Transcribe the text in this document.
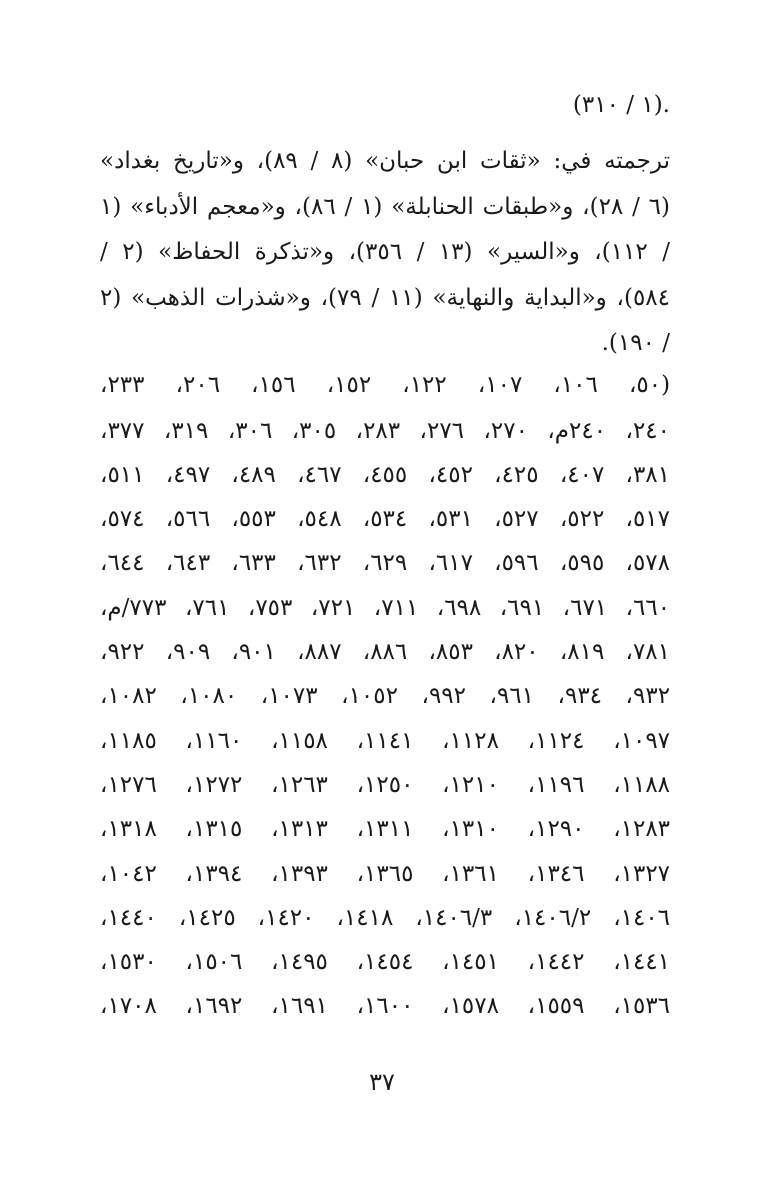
.(١ / ٣١٠)
ترجمته في: «ثقات ابن حبان» (٨ / ٨٩)، و«تاريخ بغداد»
(٦ / ٢٨)، و«طبقات الحنابلة» (١ / ٨٦)، و«معجم الأدباء» (١
/ ١١٢)، و«السير» (١٣ / ٣٥٦)، و«تذكرة الحفاظ» (٢ /
٥٨٤)، و«البداية والنهاية» (١١ / ٧٩)، و«شذرات الذهب» (٢
/ ١٩٠).
(٥٠، ١٠٦، ١٠٧، ١٢٢، ١٥٢، ١٥٦، ٢٠٦، ٢٣٣،
٢٤٠، ٢٤٠م، ٢٧٠، ٢٧٦، ٢٨٣، ٣٠٥، ٣٠٦، ٣١٩، ٣٧٧،
٣٨١، ٤٠٧، ٤٢٥، ٤٥٢، ٤٥٥، ٤٦٧، ٤٨٩، ٤٩٧، ٥١١،
٥١٧، ٥٢٢، ٥٢٧، ٥٣١، ٥٣٤، ٥٤٨، ٥٥٣، ٥٦٦، ٥٧٤،
٥٧٨، ٥٩٥، ٥٩٦، ٦١٧، ٦٢٩، ٦٣٢، ٦٣٣، ٦٤٣، ٦٤٤،
٦٦٠، ٦٧١، ٦٩١، ٦٩٨، ٧١١، ٧٢١، ٧٥٣، ٧٦١، ٧٧٣/م،
٧٨١، ٨١٩، ٨٢٠، ٨٥٣، ٨٨٦، ٨٨٧، ٩٠١، ٩٠٩، ٩٢٢،
٩٣٢، ٩٣٤، ٩٦١، ٩٩٢، ١٠٥٢، ١٠٧٣، ١٠٨٠، ١٠٨٢،
١٠٩٧، ١١٢٤، ١١٢٨، ١١٤١، ١١٥٨، ١١٦٠، ١١٨٥،
١١٨٨، ١١٩٦، ١٢١٠، ١٢٥٠، ١٢٦٣، ١٢٧٢، ١٢٧٦،
١٢٨٣، ١٢٩٠، ١٣١٠، ١٣١١، ١٣١٣، ١٣١٥، ١٣١٨،
١٣٢٧، ١٣٤٦، ١٣٦١، ١٣٦٥، ١٣٩٣، ١٣٩٤، ١٠٤٢،
١٤٠٦، ١٤٠٦/٢، ١٤٠٦/٣، ١٤١٨، ١٤٢٠، ١٤٢٥، ١٤٤٠،
١٤٤١، ١٤٤٢، ١٤٥١، ١٤٥٤، ١٤٩٥، ١٥٠٦، ١٥٣٠،
١٥٣٦، ١٥٥٩، ١٥٧٨، ١٦٠٠، ١٦٩١، ١٦٩٢، ١٧٠٨،
٣٧
